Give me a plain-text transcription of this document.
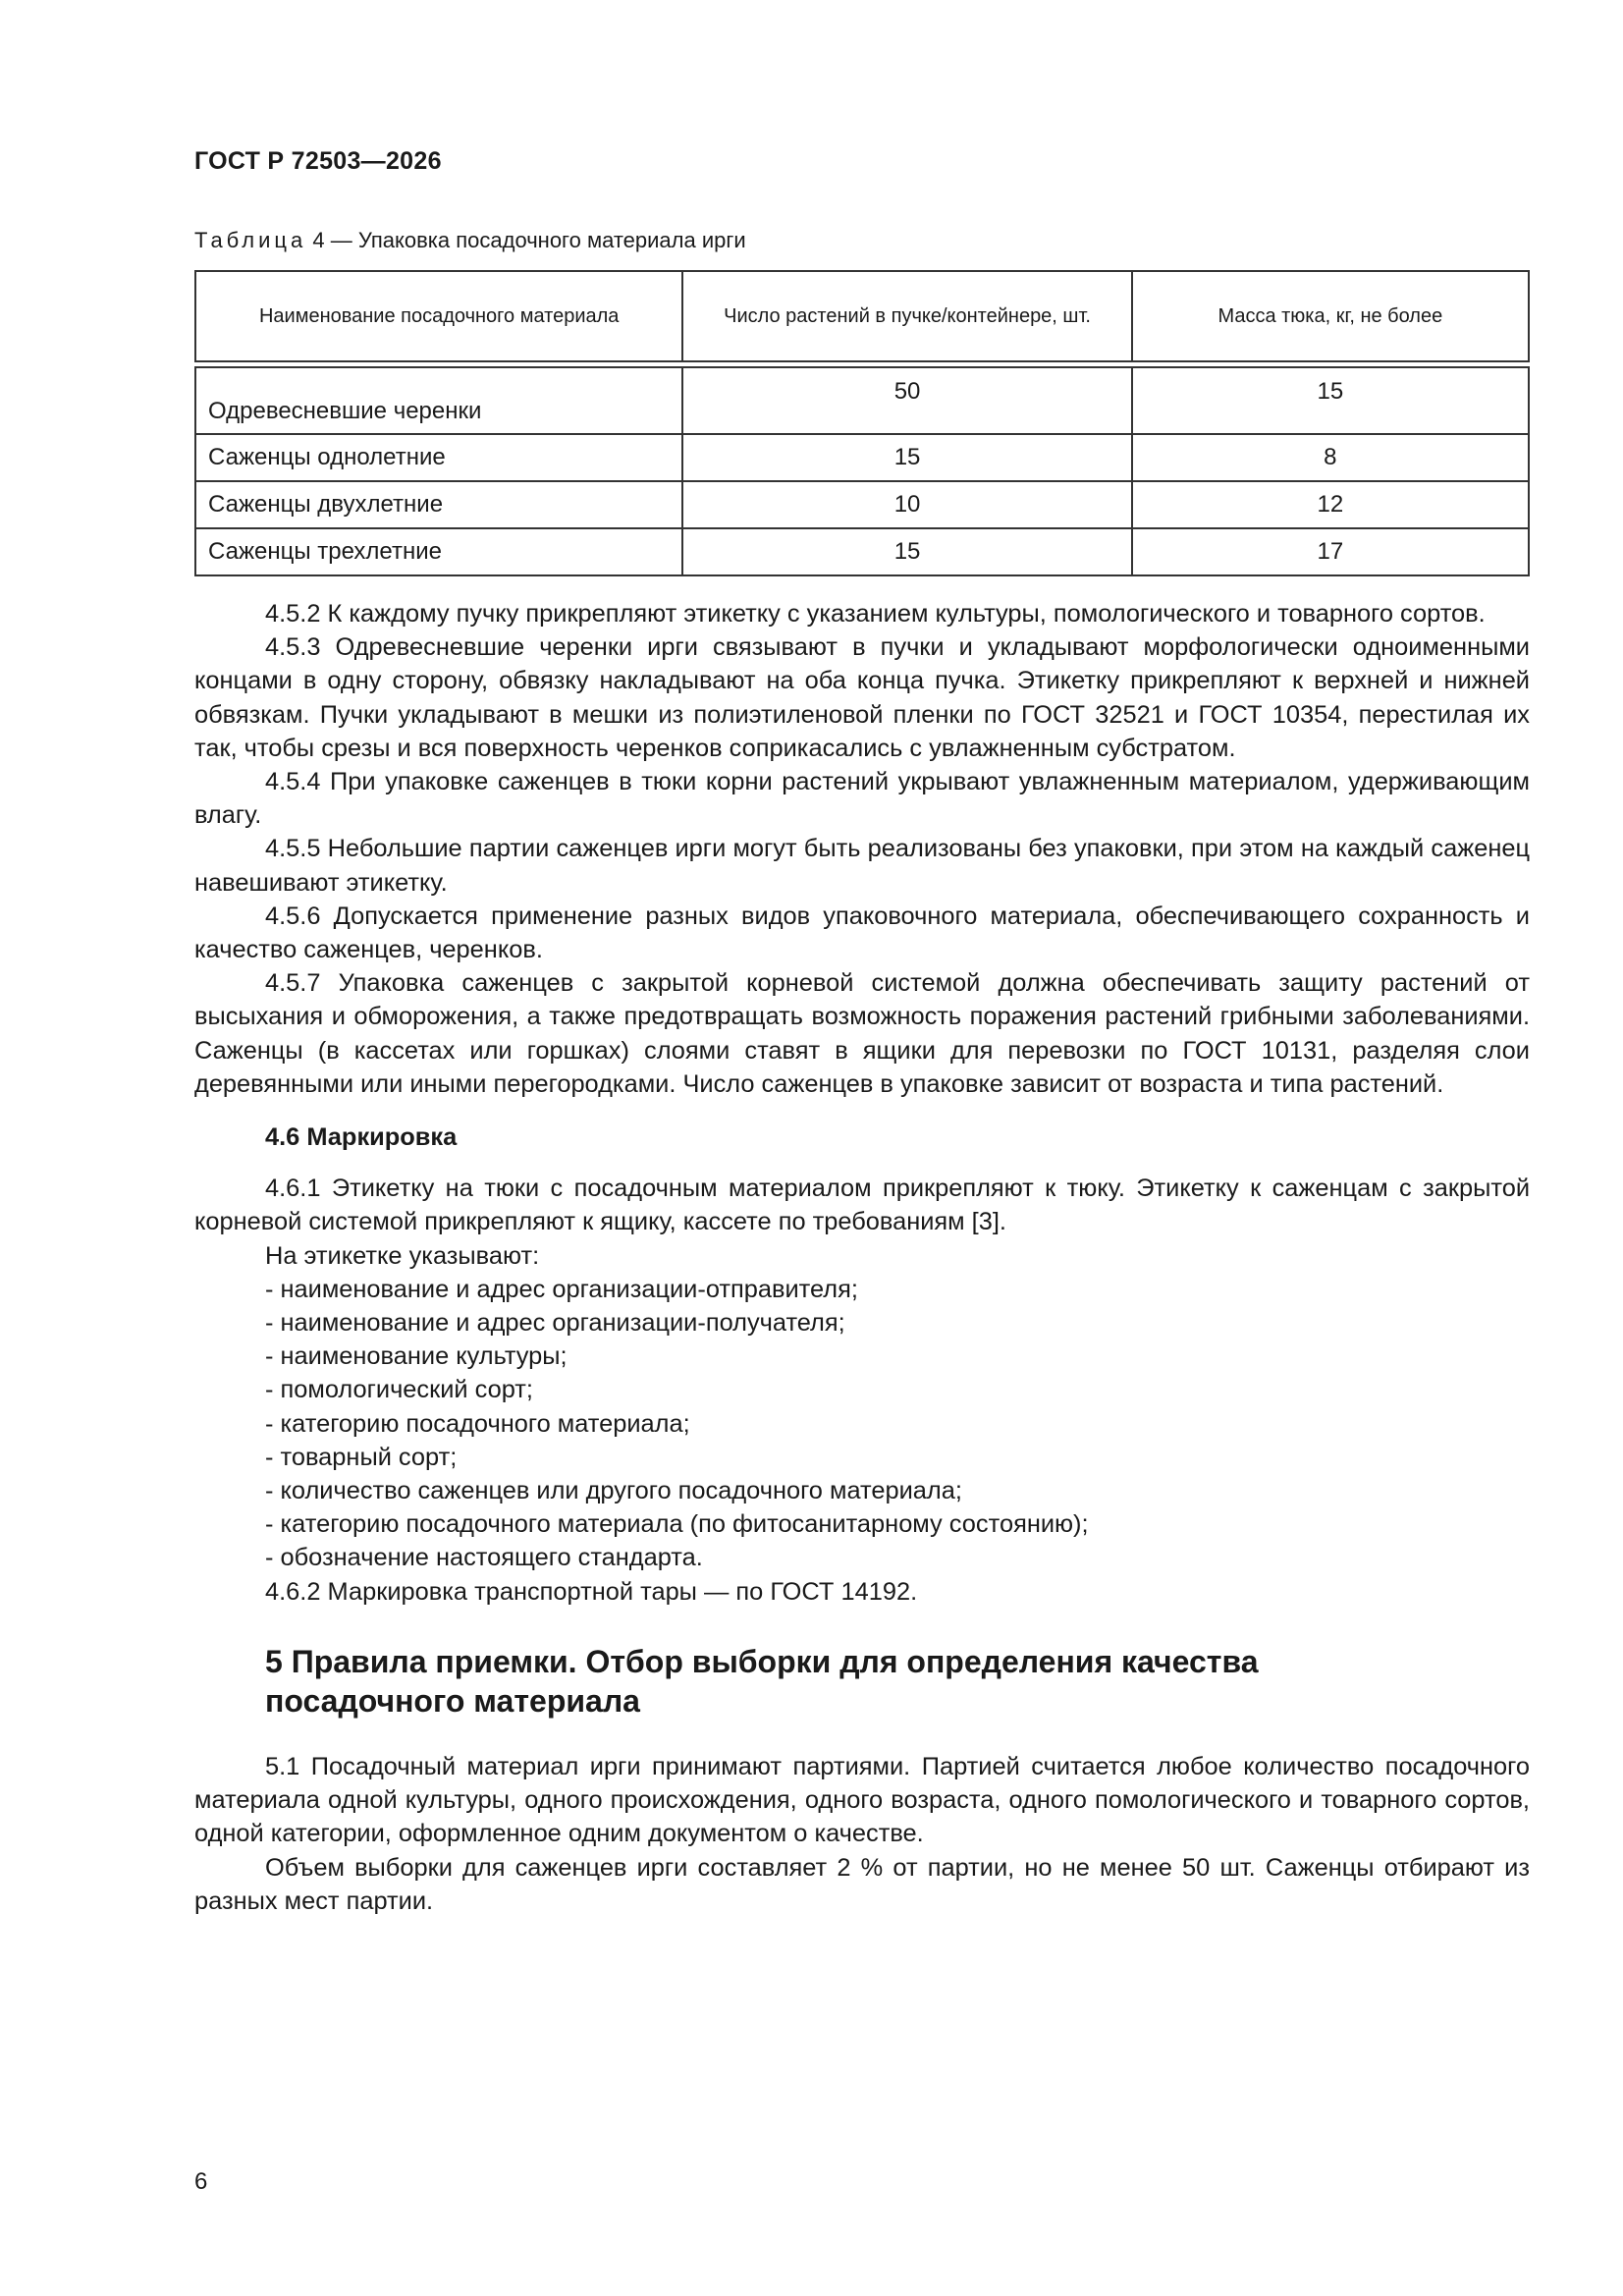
ГОСТ Р 72503—2026
Таблица 4 — Упаковка посадочного материала ирги
Наименование посадочного материала	Число растений в пучке/контейнере, шт.	Масса тюка, кг, не более

Одревесневшие черенки	50	15
Саженцы однолетние	15	8
Саженцы двухлетние	10	12
Саженцы трехлетние	15	17

4.5.2 К каждому пучку прикрепляют этикетку с указанием культуры, помологического и товарного сортов.

4.5.3 Одревесневшие черенки ирги связывают в пучки и укладывают морфологически одноименными концами в одну сторону, обвязку накладывают на оба конца пучка. Этикетку прикрепляют к верхней и нижней обвязкам. Пучки укладывают в мешки из полиэтиленовой пленки по ГОСТ 32521 и ГОСТ 10354, перестилая их так, чтобы срезы и вся поверхность черенков соприкасались с увлажненным субстратом.

4.5.4 При упаковке саженцев в тюки корни растений укрывают увлажненным материалом, удерживающим влагу.

4.5.5 Небольшие партии саженцев ирги могут быть реализованы без упаковки, при этом на каждый саженец навешивают этикетку.

4.5.6 Допускается применение разных видов упаковочного материала, обеспечивающего сохранность и качество саженцев, черенков.

4.5.7 Упаковка саженцев с закрытой корневой системой должна обеспечивать защиту растений от высыхания и обморожения, а также предотвращать возможность поражения растений грибными заболеваниями. Саженцы (в кассетах или горшках) слоями ставят в ящики для перевозки по ГОСТ 10131, разделяя слои деревянными или иными перегородками. Число саженцев в упаковке зависит от возраста и типа растений.

4.6 Маркировка

4.6.1 Этикетку на тюки с посадочным материалом прикрепляют к тюку. Этикетку к саженцам с закрытой корневой системой прикрепляют к ящику, кассете по требованиям [3].

На этикетке указывают:

- наименование и адрес организации-отправителя;
- наименование и адрес организации-получателя;
- наименование культуры;
- помологический сорт;
- категорию посадочного материала;
- товарный сорт;
- количество саженцев или другого посадочного материала;
- категорию посадочного материала (по фитосанитарному состоянию);
- обозначение настоящего стандарта.

4.6.2 Маркировка транспортной тары — по ГОСТ 14192.

5 Правила приемки. Отбор выборки для определения качества
посадочного материала

5.1 Посадочный материал ирги принимают партиями. Партией считается любое количество посадочного материала одной культуры, одного происхождения, одного возраста, одного помологического и товарного сортов, одной категории, оформленное одним документом о качестве.

Объем выборки для саженцев ирги составляет 2 % от партии, но не менее 50 шт. Саженцы отбирают из разных мест партии.

6
